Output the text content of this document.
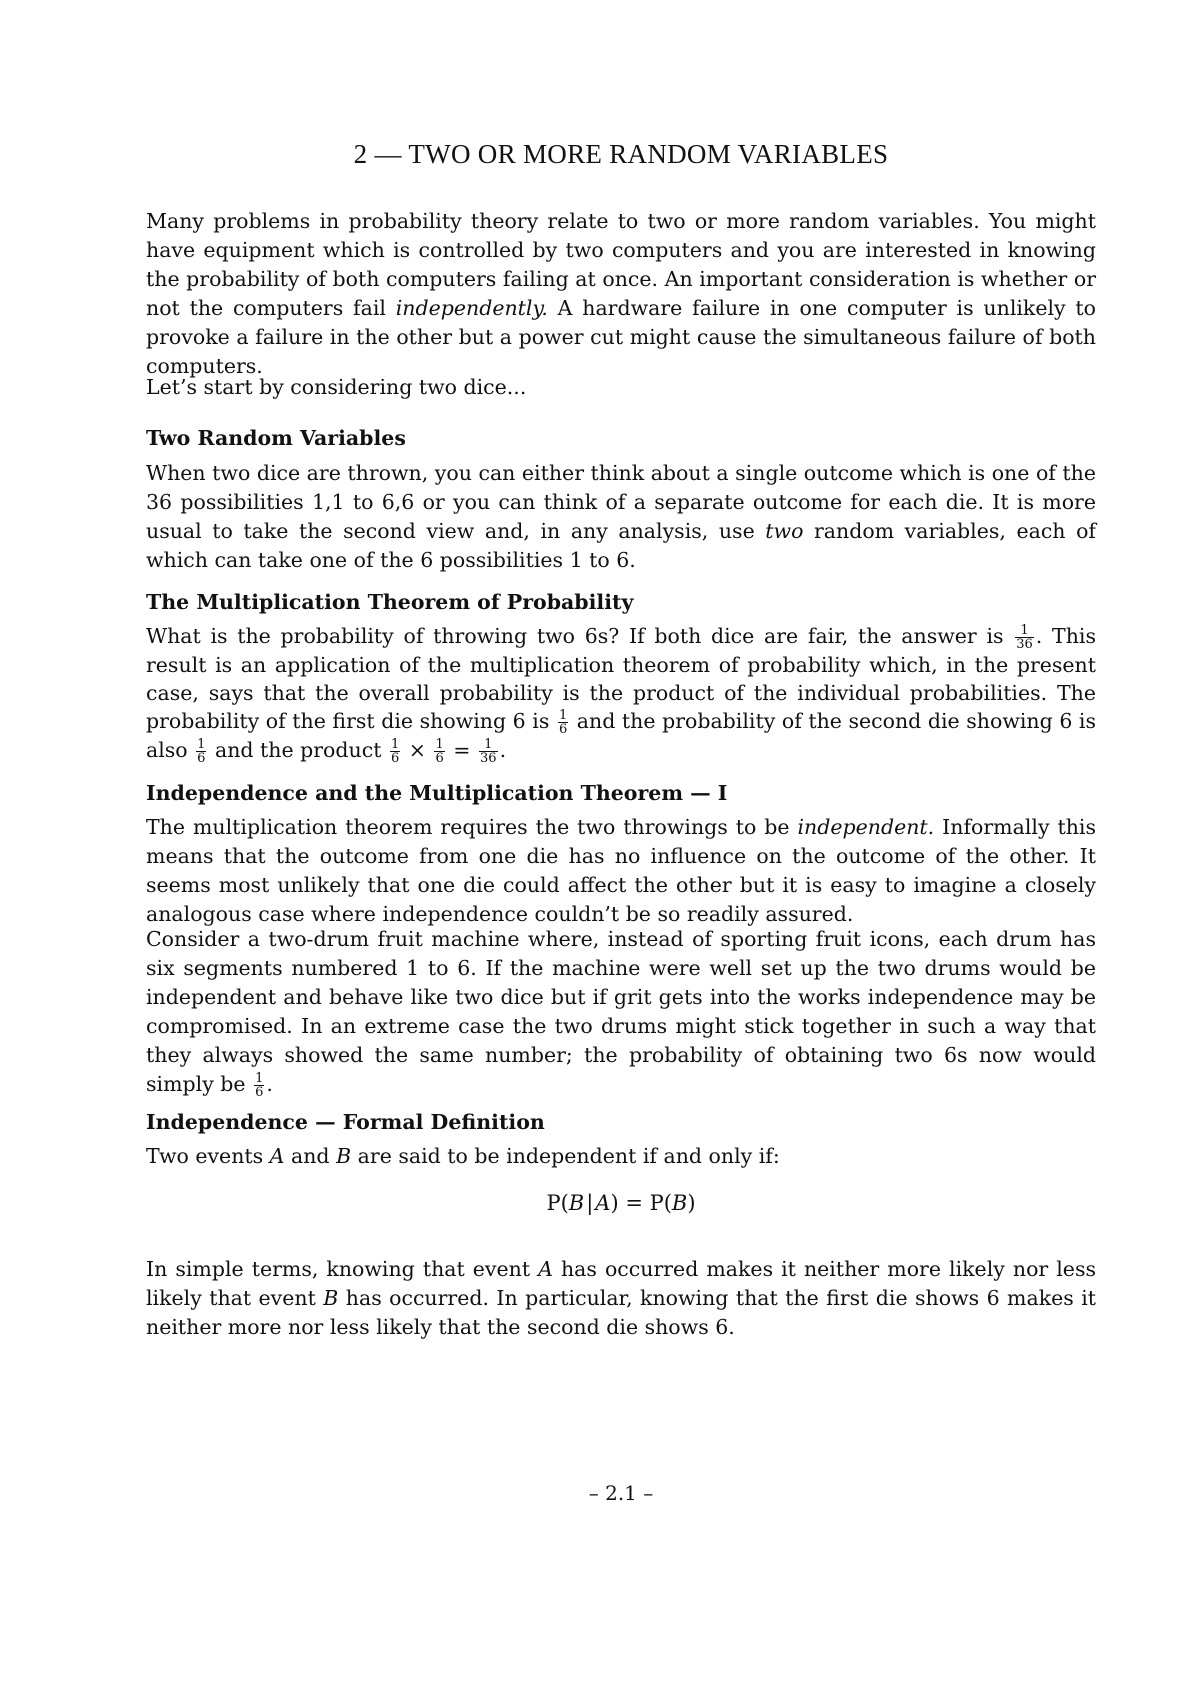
2 — TWO OR MORE RANDOM VARIABLES

Many problems in probability theory relate to two or more random variables. You might have equipment which is controlled by two computers and you are interested in knowing the probability of both computers failing at once. An important consideration is whether or not the computers fail independently. A hardware failure in one computer is unlikely to provoke a failure in the other but a power cut might cause the simultaneous failure of both computers.

Let’s start by considering two dice...

Two Random Variables

When two dice are thrown, you can either think about a single outcome which is one of the 36 possibilities 1,1 to 6,6 or you can think of a separate outcome for each die. It is more usual to take the second view and, in any analysis, use two random variables, each of which can take one of the 6 possibilities 1 to 6.

The Multiplication Theorem of Probability

What is the probability of throwing two 6s? If both dice are fair, the answer is $\frac{1}{36}$ . This result is an application of the multiplication theorem of probability which, in the present case, says that the overall probability is the product of the individual probabilities. The probability of the first die showing 6 is $\frac{1}{6}$ and the probability of the second die showing 6 is also $\frac{1}{6}$ and the product $\frac{1}{6} \times \frac{1}{6} = \frac{1}{36}$ .

Independence and the Multiplication Theorem — I

The multiplication theorem requires the two throwings to be independent. Informally this means that the outcome from one die has no influence on the outcome of the other. It seems most unlikely that one die could affect the other but it is easy to imagine a closely analogous case where independence couldn’t be so readily assured.

Consider a two-drum fruit machine where, instead of sporting fruit icons, each drum has six segments numbered 1 to 6. If the machine were well set up the two drums would be independent and behave like two dice but if grit gets into the works independence may be compromised. In an extreme case the two drums might stick together in such a way that they always showed the same number; the probability of obtaining two 6s now would simply be $\frac{1}{6}$ .

Independence — Formal Definition

Two events A and B are said to be independent if and only if:

P(B|A) = P(B)

In simple terms, knowing that event A has occurred makes it neither more likely nor less likely that event B has occurred. In particular, knowing that the first die shows 6 makes it neither more nor less likely that the second die shows 6.

– 2.1 –
